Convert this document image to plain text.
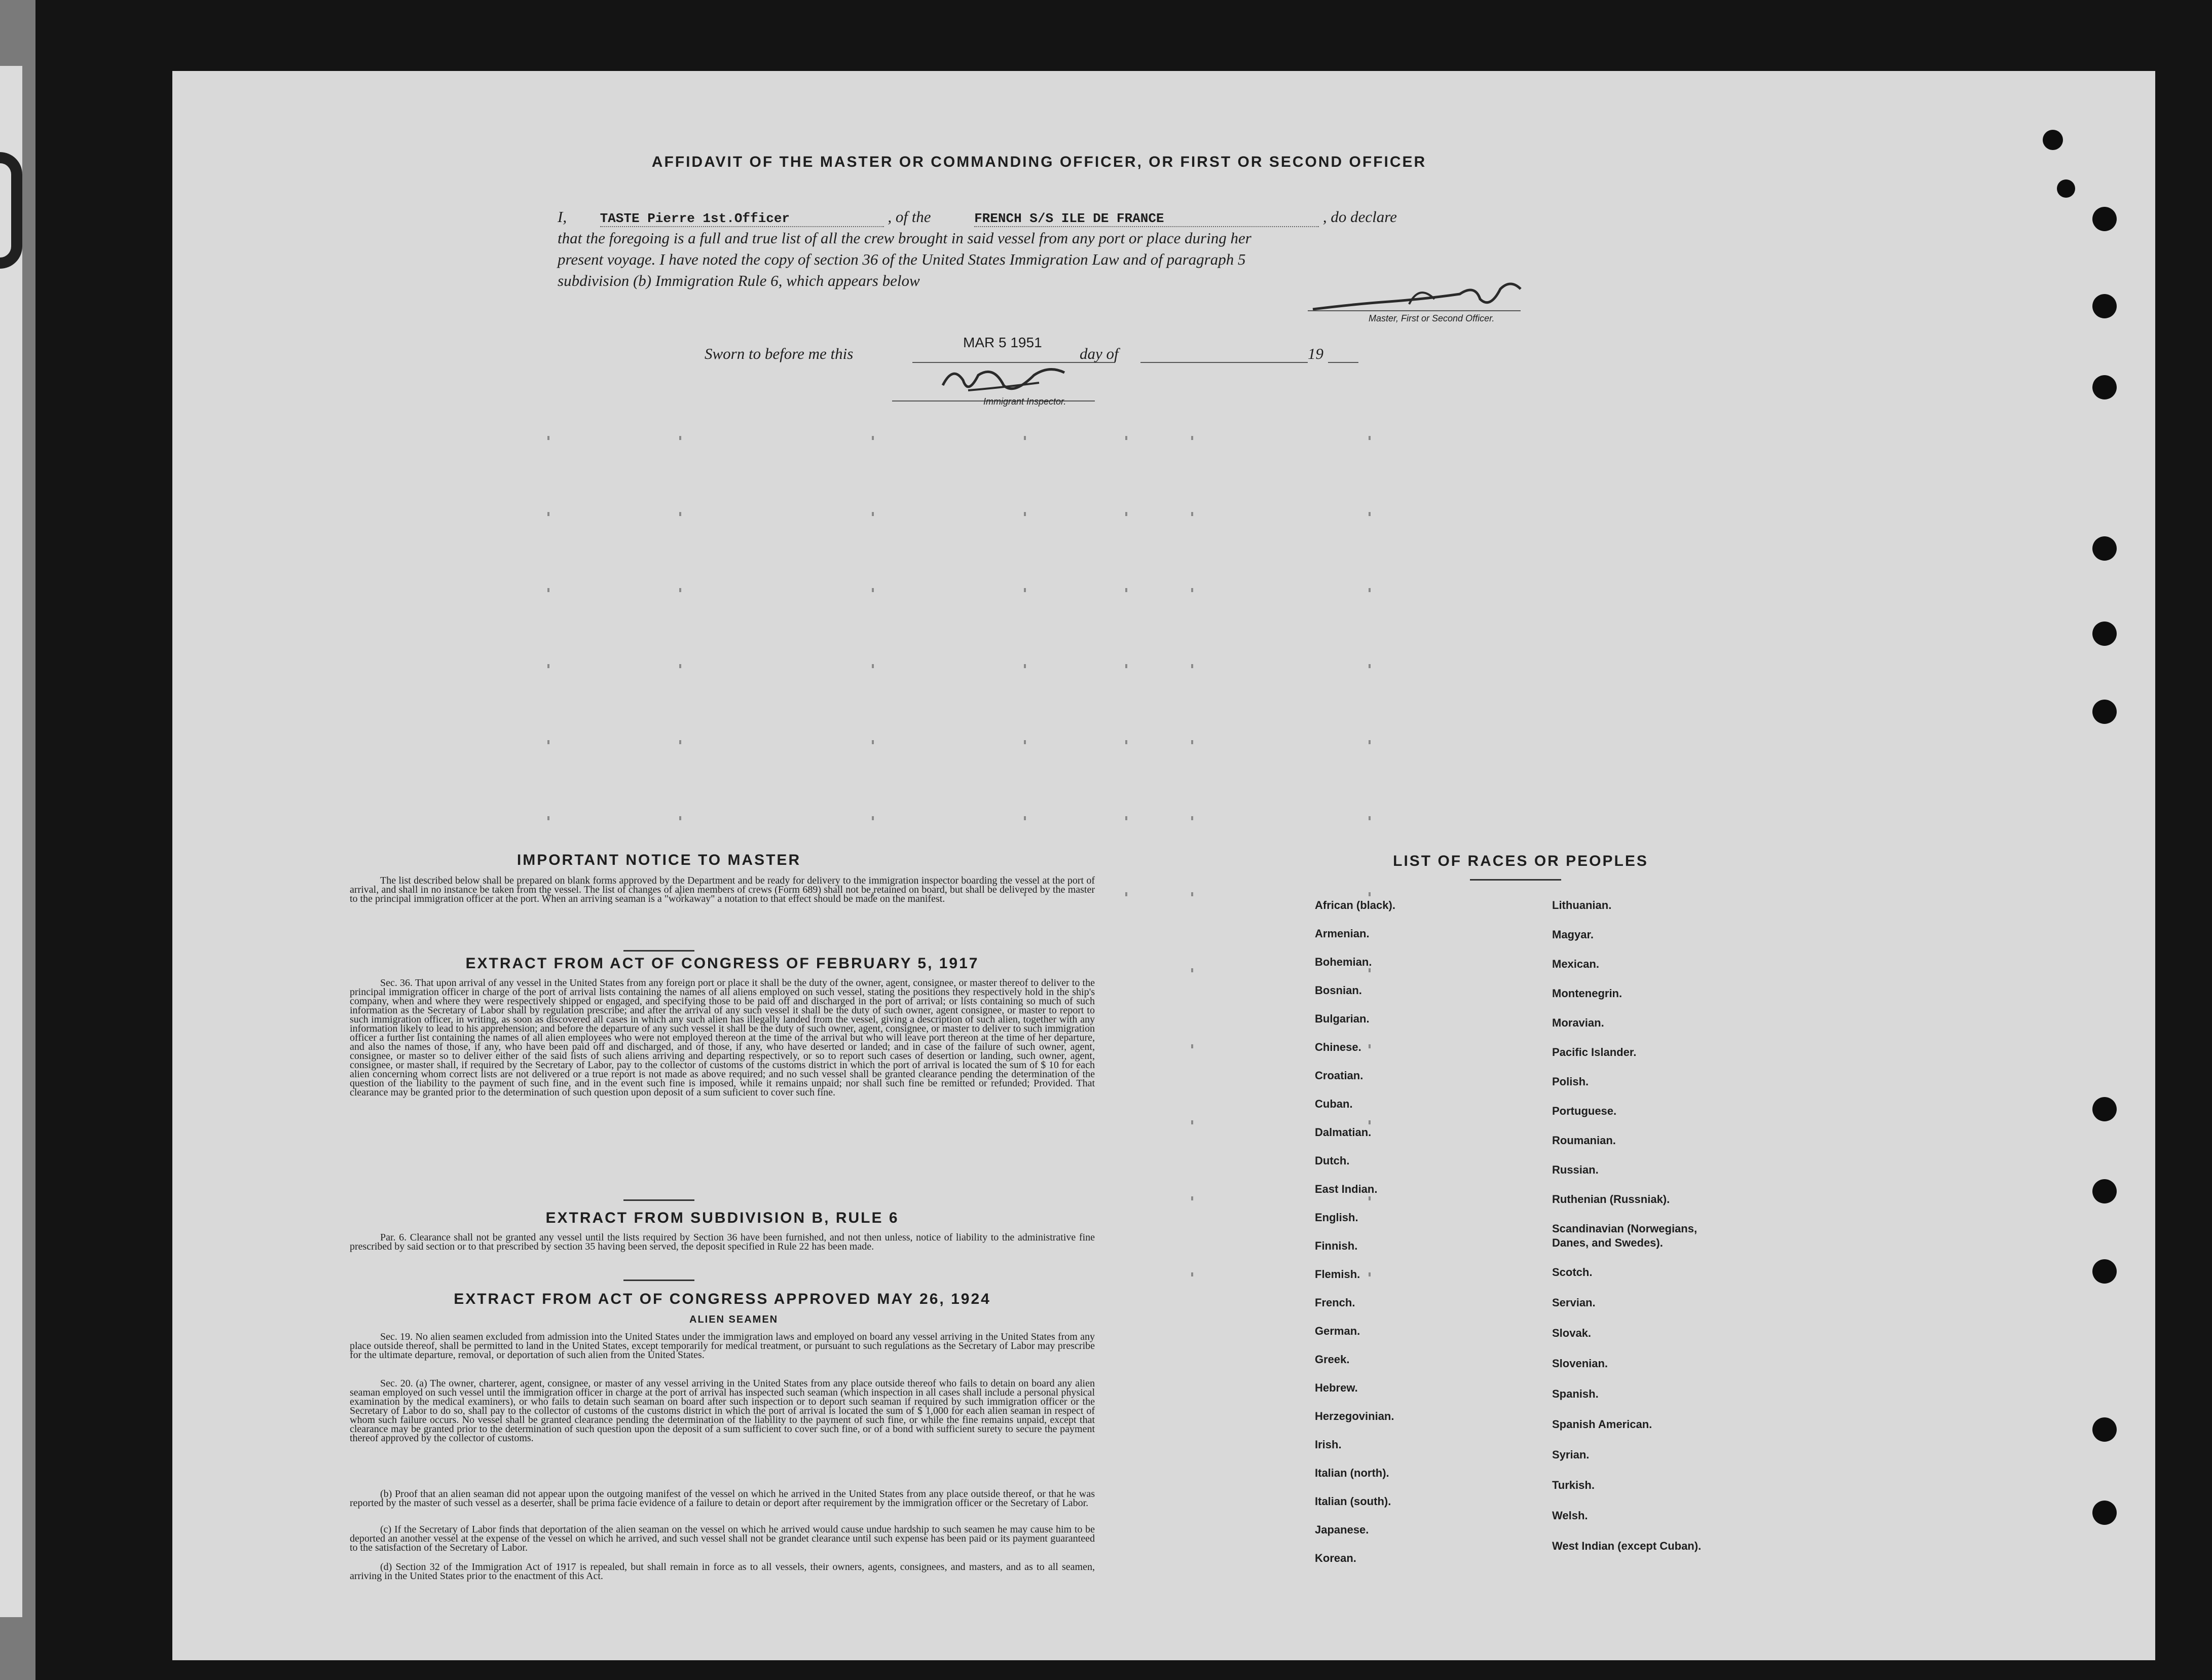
AFFIDAVIT OF THE MASTER OR COMMANDING OFFICER, OR FIRST OR SECOND OFFICER
I,	TASTE Pierre 1st.Officer	, of the	FRENCH S/S ILE DE FRANCE	, do declare
that the foregoing is a full and true list of all the crew brought in said vessel from any port or place during her
present voyage. I have noted the copy of section 36 of the United States Immigration Law and of paragraph 5
subdivision (b) Immigration Rule 6, which appears below
Master, First or Second Officer.
Sworn to before me this
MAR 5 1951
day of	19
Immigrant Inspector.
IMPORTANT NOTICE TO MASTER
The list described below shall be prepared on blank forms approved by the Department and be ready for delivery to the immigration inspector boarding the vessel at the port of arrival, and shall in no instance be taken from the vessel. The list of changes of alien members of crews (Form 689) shall not be retained on board, but shall be delivered by the master to the principal immigration officer at the port. When an arriving seaman is a "workaway" a notation to that effect should be made on the manifest.
EXTRACT FROM ACT OF CONGRESS OF FEBRUARY 5, 1917
Sec. 36. That upon arrival of any vessel in the United States from any foreign port or place it shall be the duty of the owner, agent, consignee, or master thereof to deliver to the principal immigration officer in charge of the port of arrival lists containing the names of all aliens employed on such vessel, stating the positions they respectively hold in the ship's company, when and where they were respectively shipped or engaged, and specifying those to be paid off and discharged in the port of arrival; or lists containing so much of such information as the Secretary of Labor shall by regulation prescribe; and after the arrival of any such vessel it shall be the duty of such owner, agent consignee, or master to report to such immigration officer, in writing, as soon as discovered all cases in which any such alien has illegally landed from the vessel, giving a description of such alien, together with any information likely to lead to his apprehension; and before the departure of any such vessel it shall be the duty of such owner, agent, consignee, or master to deliver to such immigration officer a further list containing the names of all alien employees who were not employed thereon at the time of the arrival but who will leave port thereon at the time of her departure, and also the names of those, if any, who have been paid off and discharged, and of those, if any, who have deserted or landed; and in case of the failure of such owner, agent, consignee, or master so to deliver either of the said lists of such aliens arriving and departing respectively, or so to report such cases of desertion or landing, such owner, agent, consignee, or master shall, if required by the Secretary of Labor, pay to the collector of customs of the customs district in which the port of arrival is located the sum of $ 10 for each alien concerning whom correct lists are not delivered or a true report is not made as above required; and no such vessel shall be granted clearance pending the determination of the question of the liability to the payment of such fine, and in the event such fine is imposed, while it remains unpaid; nor shall such fine be remitted or refunded; Provided. That clearance may be granted prior to the determination of such question upon deposit of a sum suficient to cover such fine.
EXTRACT FROM SUBDIVISION B, RULE 6
Par. 6. Clearance shall not be granted any vessel until the lists required by Section 36 have been furnished, and not then unless, notice of liability to the administrative fine prescribed by said section or to that prescribed by section 35 having been served, the deposit specified in Rule 22 has been made.
EXTRACT FROM ACT OF CONGRESS APPROVED MAY 26, 1924
ALIEN SEAMEN
Sec. 19. No alien seamen excluded from admission into the United States under the immigration laws and employed on board any vessel arriving in the United States from any place outside thereof, shall be permitted to land in the United States, except temporarily for medical treatment, or pursuant to such regulations as the Secretary of Labor may prescribe for the ultimate departure, removal, or deportation of such alien from the United States.
Sec. 20. (a) The owner, charterer, agent, consignee, or master of any vessel arriving in the United States from any place outside thereof who fails to detain on board any alien seaman employed on such vessel until the immigration officer in charge at the port of arrival has inspected such seaman (which inspection in all cases shall include a personal physical examination by the medical examiners), or who fails to detain such seaman on board after such inspection or to deport such seaman if required by such immigration officer or the Secretary of Labor to do so, shall pay to the collector of customs of the customs district in which the port of arrival is located the sum of $ 1,000 for each alien seaman in respect of whom such failure occurs. No vessel shall be granted clearance pending the determination of the liability to the payment of such fine, or while the fine remains unpaid, except that clearance may be granted prior to the determination of such question upon the deposit of a sum sufficient to cover such fine, or of a bond with sufficient surety to secure the payment thereof approved by the collector of customs.
(b) Proof that an alien seaman did not appear upon the outgoing manifest of the vessel on which he arrived in the United States from any place outside thereof, or that he was reported by the master of such vessel as a deserter, shall be prima facie evidence of a failure to detain or deport after requirement by the immigration officer or the Secretary of Labor.
(c) If the Secretary of Labor finds that deportation of the alien seaman on the vessel on which he arrived would cause undue hardship to such seamen he may cause him to be deported an another vessel at the expense of the vessel on which he arrived, and such vessel shall not be grandet clearance until such expense has been paid or its payment guaranteed to the satisfaction of the Secretary of Labor.
(d) Section 32 of the Immigration Act of 1917 is repealed, but shall remain in force as to all vessels, their owners, agents, consignees, and masters, and as to all seamen, arriving in the United States prior to the enactment of this Act.
LIST OF RACES OR PEOPLES
African (black).
Armenian.
Bohemian.
Bosnian.
Bulgarian.
Chinese.
Croatian.
Cuban.
Dalmatian.
Dutch.
East Indian.
English.
Finnish.
Flemish.
French.
German.
Greek.
Hebrew.
Herzegovinian.
Irish.
Italian (north).
Italian (south).
Japanese.
Korean.
Lithuanian.
Magyar.
Mexican.
Montenegrin.
Moravian.
Pacific Islander.
Polish.
Portuguese.
Roumanian.
Russian.
Ruthenian (Russniak).
Scandinavian (Norwegians, Danes, and Swedes).
Scotch.
Servian.
Slovak.
Slovenian.
Spanish.
Spanish American.
Syrian.
Turkish.
Welsh.
West Indian (except Cuban).
